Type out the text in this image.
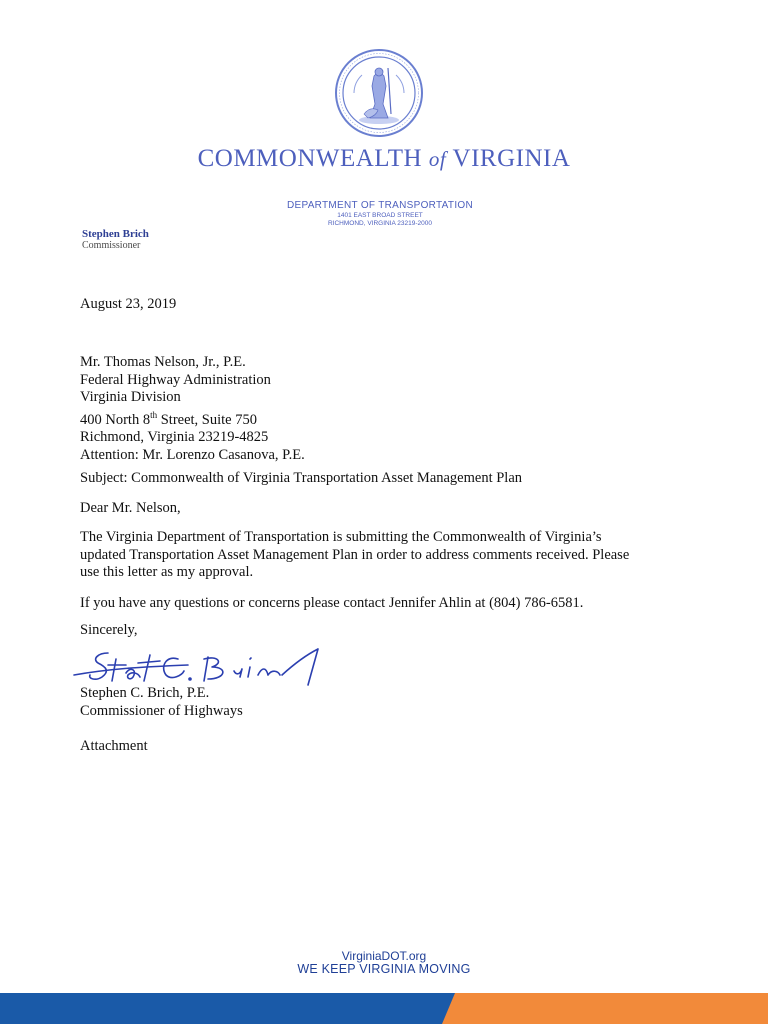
COMMONWEALTH of VIRGINIA
DEPARTMENT OF TRANSPORTATION
1401 EAST BROAD STREET
RICHMOND, VIRGINIA 23219-2000
Stephen Brich
Commissioner
August 23, 2019
Mr. Thomas Nelson, Jr., P.E.
Federal Highway Administration
Virginia Division
400 North 8th Street, Suite 750
Richmond, Virginia 23219-4825
Attention: Mr. Lorenzo Casanova, P.E.
Subject: Commonwealth of Virginia Transportation Asset Management Plan
Dear Mr. Nelson,
The Virginia Department of Transportation is submitting the Commonwealth of Virginia’s
updated Transportation Asset Management Plan in order to address comments received. Please
use this letter as my approval.
If you have any questions or concerns please contact Jennifer Ahlin at (804) 786-6581.
Sincerely,
Stephen C. Brich, P.E.
Commissioner of Highways
Attachment
VirginiaDOT.org
WE KEEP VIRGINIA MOVING
